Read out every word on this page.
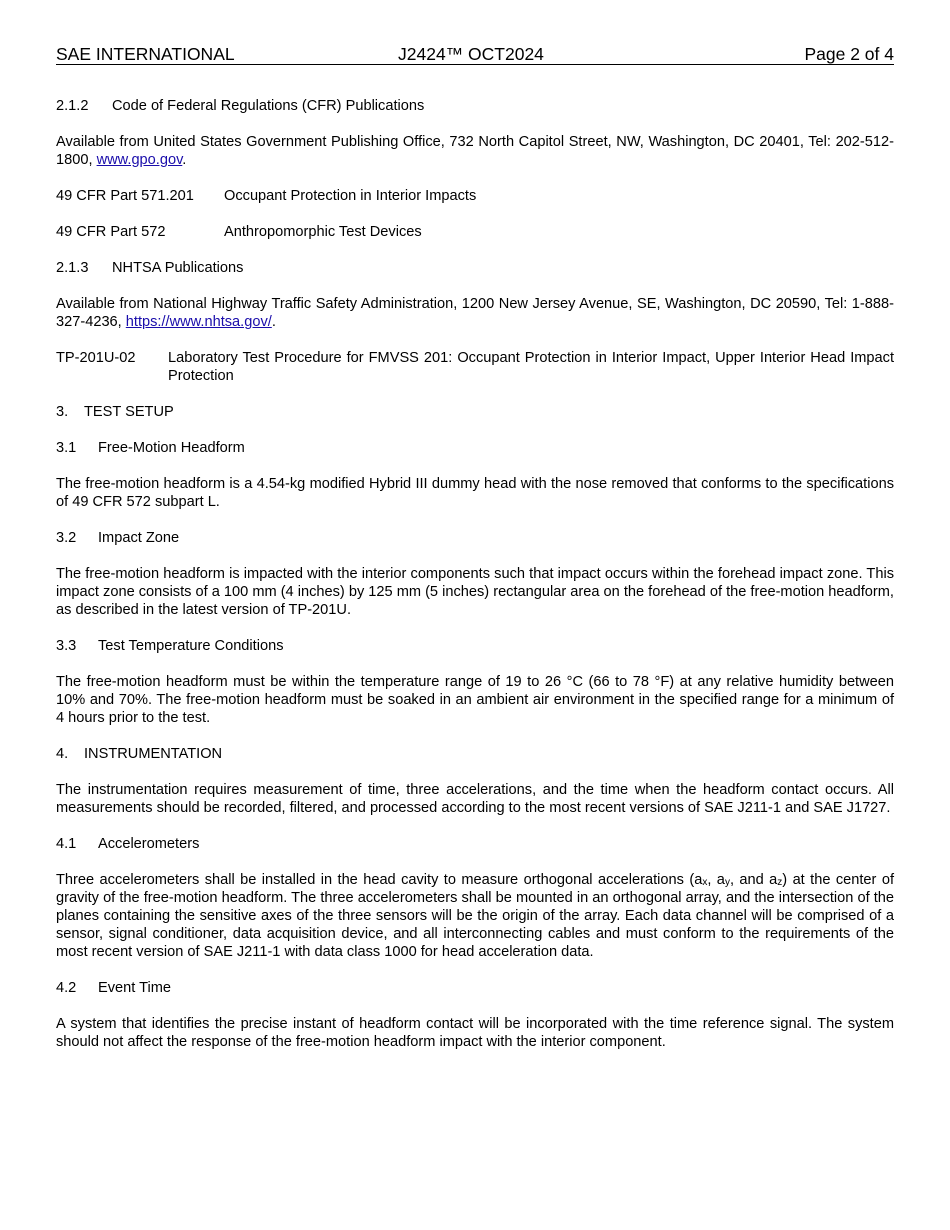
SAE INTERNATIONAL	J2424™ OCT2024	Page 2 of 4
2.1.2 Code of Federal Regulations (CFR) Publications
Available from United States Government Publishing Office, 732 North Capitol Street, NW, Washington, DC 20401, Tel: 202-512-1800, www.gpo.gov.
49 CFR Part 571.201 Occupant Protection in Interior Impacts
49 CFR Part 572	Anthropomorphic Test Devices
2.1.3 NHTSA Publications
Available from National Highway Traffic Safety Administration, 1200 New Jersey Avenue, SE, Washington, DC 20590, Tel: 1-888-327-4236, https://www.nhtsa.gov/.
TP-201U-02 Laboratory Test Procedure for FMVSS 201: Occupant Protection in Interior Impact, Upper Interior Head Impact Protection
3. TEST SETUP
3.1 Free-Motion Headform
The free-motion headform is a 4.54-kg modified Hybrid III dummy head with the nose removed that conforms to the specifications of 49 CFR 572 subpart L.
3.2 Impact Zone
The free-motion headform is impacted with the interior components such that impact occurs within the forehead impact zone. This impact zone consists of a 100 mm (4 inches) by 125 mm (5 inches) rectangular area on the forehead of the free-motion headform, as described in the latest version of TP-201U.
3.3 Test Temperature Conditions
The free-motion headform must be within the temperature range of 19 to 26 °C (66 to 78 °F) at any relative humidity between 10% and 70%. The free-motion headform must be soaked in an ambient air environment in the specified range for a minimum of 4 hours prior to the test.
4. INSTRUMENTATION
The instrumentation requires measurement of time, three accelerations, and the time when the headform contact occurs. All measurements should be recorded, filtered, and processed according to the most recent versions of SAE J211-1 and SAE J1727.
4.1 Accelerometers
Three accelerometers shall be installed in the head cavity to measure orthogonal accelerations ($a_x$, $a_y$, and $a_z$) at the center of gravity of the free-motion headform. The three accelerometers shall be mounted in an orthogonal array, and the intersection of the planes containing the sensitive axes of the three sensors will be the origin of the array. Each data channel will be comprised of a sensor, signal conditioner, data acquisition device, and all interconnecting cables and must conform to the requirements of the most recent version of SAE J211-1 with data class 1000 for head acceleration data.
4.2 Event Time
A system that identifies the precise instant of headform contact will be incorporated with the time reference signal. The system should not affect the response of the free-motion headform impact with the interior component.
